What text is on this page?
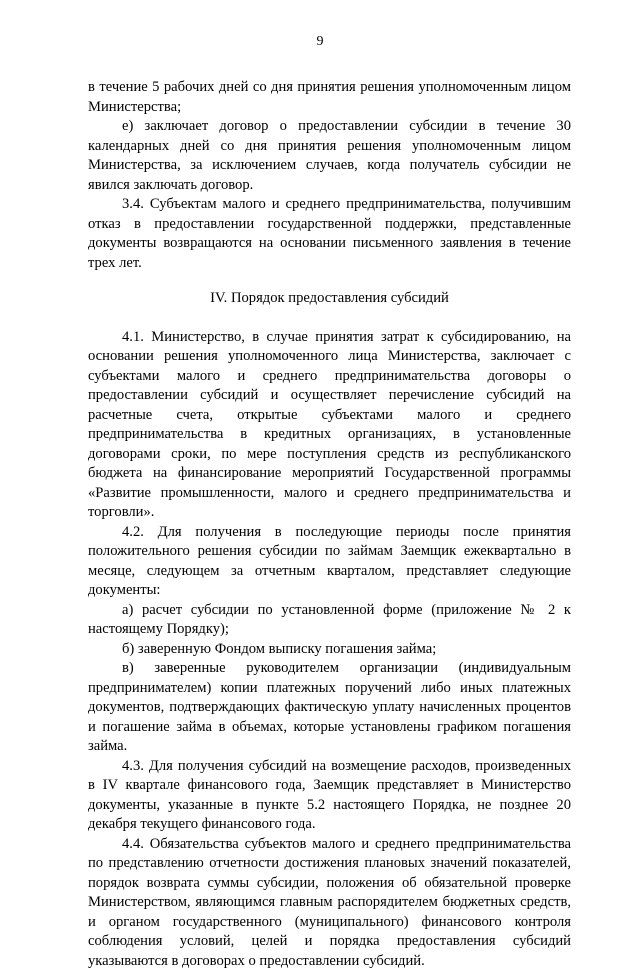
9

в течение 5 рабочих дней со дня принятия решения уполномоченным лицом Министерства;

е) заключает договор о предоставлении субсидии в течение 30 календарных дней со дня принятия решения уполномоченным лицом Министерства, за исключением случаев, когда получатель субсидии не явился заключать договор.

3.4. Субъектам малого и среднего предпринимательства, получившим отказ в предоставлении государственной поддержки, представленные документы возвращаются на основании письменного заявления в течение трех лет.

IV. Порядок предоставления субсидий

4.1. Министерство, в случае принятия затрат к субсидированию, на основании решения уполномоченного лица Министерства, заключает с субъектами малого и среднего предпринимательства договоры о предоставлении субсидий и осуществляет перечисление субсидий на расчетные счета, открытые субъектами малого и среднего предпринимательства в кредитных организациях, в установленные договорами сроки, по мере поступления средств из республиканского бюджета на финансирование мероприятий Государственной программы «Развитие промышленности, малого и среднего предпринимательства и торговли».

4.2. Для получения в последующие периоды после принятия положительного решения субсидии по займам Заемщик ежеквартально в месяце, следующем за отчетным кварталом, представляет следующие документы:

а) расчет субсидии по установленной форме (приложение № 2 к настоящему Порядку);

б) заверенную Фондом выписку погашения займа;

в) заверенные руководителем организации (индивидуальным предпринимателем) копии платежных поручений либо иных платежных документов, подтверждающих фактическую уплату начисленных процентов и погашение займа в объемах, которые установлены графиком погашения займа.

4.3. Для получения субсидий на возмещение расходов, произведенных в IV квартале финансового года, Заемщик представляет в Министерство документы, указанные в пункте 5.2 настоящего Порядка, не позднее 20 декабря текущего финансового года.

4.4. Обязательства субъектов малого и среднего предпринимательства по представлению отчетности достижения плановых значений показателей, порядок возврата суммы субсидии, положения об обязательной проверке Министерством, являющимся главным распорядителем бюджетных средств, и органом государственного (муниципального) финансового контроля соблюдения условий, целей и порядка предоставления субсидий указываются в договорах о предоставлении субсидий.
